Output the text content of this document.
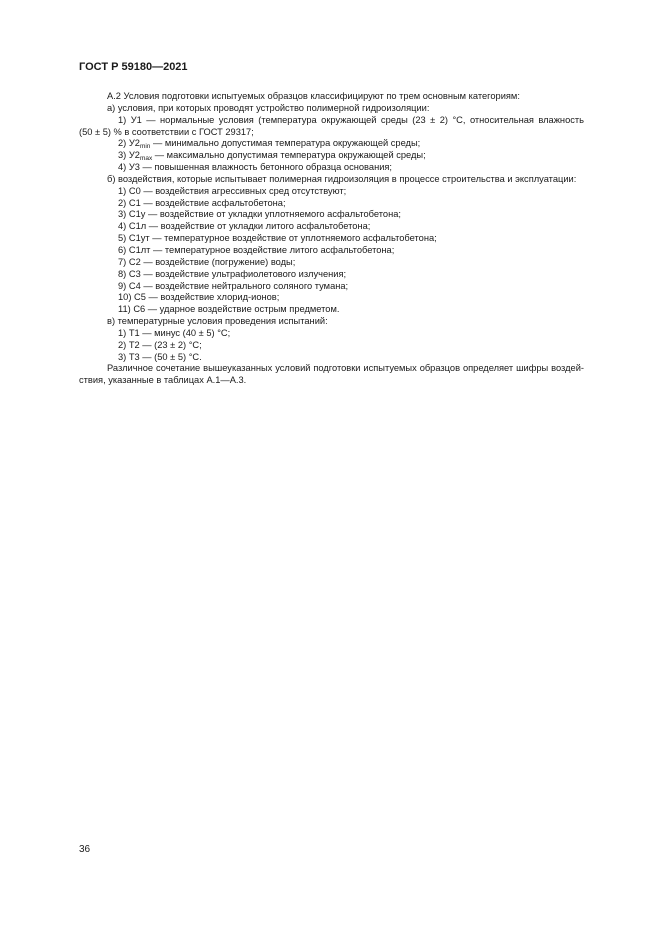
ГОСТ Р 59180—2021
А.2 Условия подготовки испытуемых образцов классифицируют по трем основным категориям:
а) условия, при которых проводят устройство полимерной гидроизоляции:
1) У1 — нормальные условия (температура окружающей среды (23 ± 2) °С, относительная влажность
(50 ± 5) % в соответствии с ГОСТ 29317;
2) $У2_{min}$ — минимально допустимая температура окружающей среды;
3) $У2_{max}$ — максимально допустимая температура окружающей среды;
4) У3 — повышенная влажность бетонного образца основания;
б) воздействия, которые испытывает полимерная гидроизоляция в процессе строительства и эксплуатации:
1) С0 — воздействия агрессивных сред отсутствуют;
2) С1 — воздействие асфальтобетона;
3) С1у — воздействие от укладки уплотняемого асфальтобетона;
4) С1л — воздействие от укладки литого асфальтобетона;
5) С1ут — температурное воздействие от уплотняемого асфальтобетона;
6) С1лт — температурное воздействие литого асфальтобетона;
7) С2 — воздействие (погружение) воды;
8) С3 — воздействие ультрафиолетового излучения;
9) С4 — воздействие нейтрального соляного тумана;
10) С5 — воздействие хлорид-ионов;
11) С6 — ударное воздействие острым предметом.
в) температурные условия проведения испытаний:
1) Т1 — минус (40 ± 5) °С;
2) Т2 — (23 ± 2) °С;
3) Т3 — (50 ± 5) °С.
Различное сочетание вышеуказанных условий подготовки испытуемых образцов определяет шифры воздей-
ствия, указанные в таблицах А.1—А.3.
36
